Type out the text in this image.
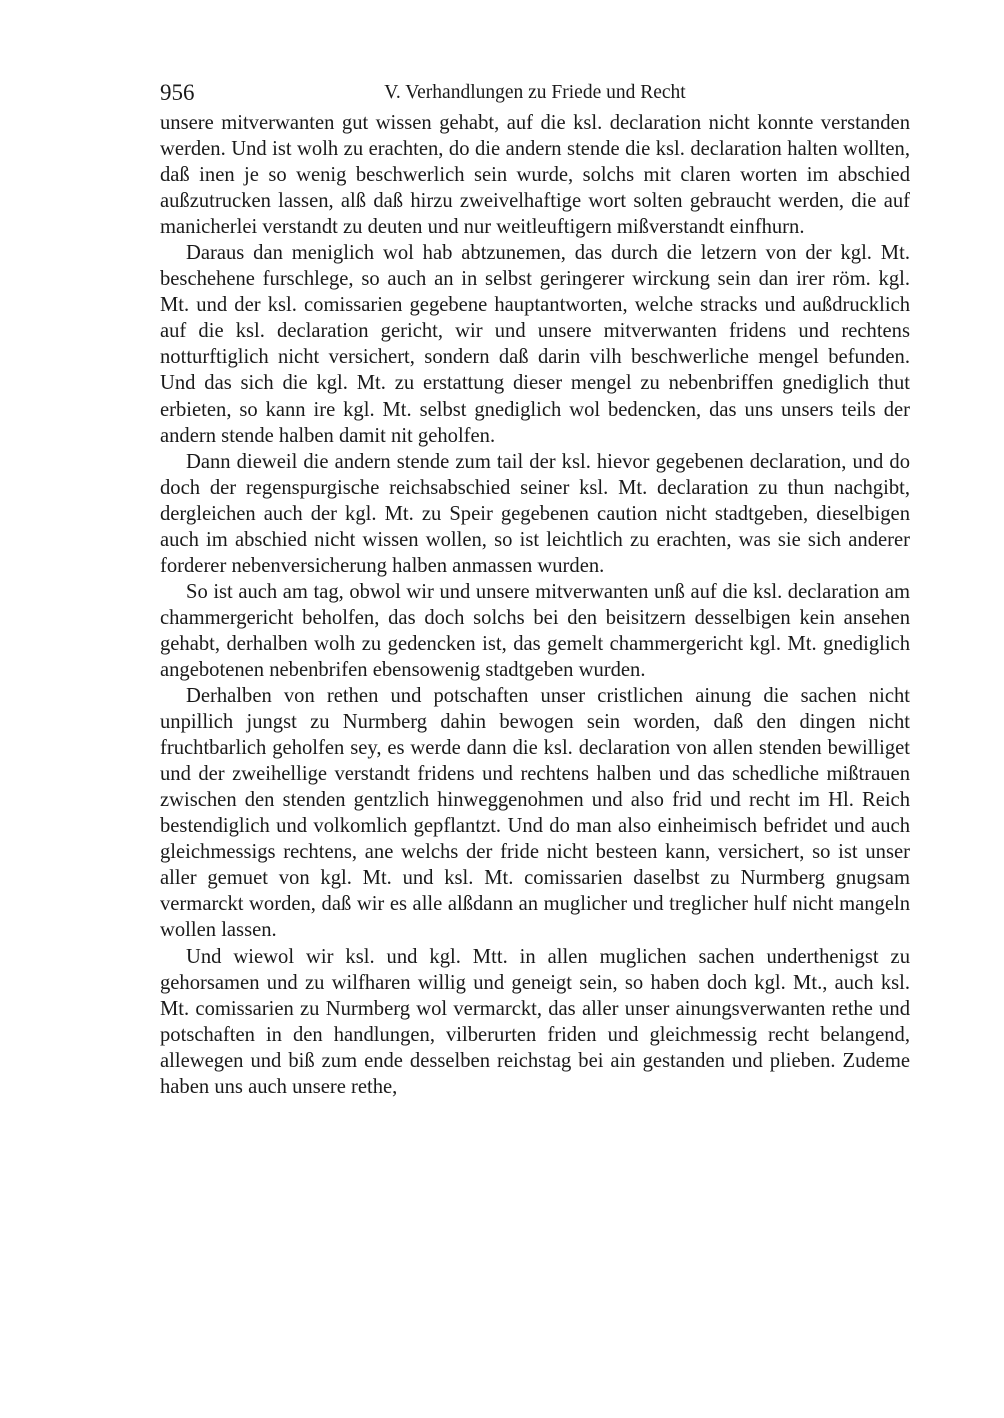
956	V. Verhandlungen zu Friede und Recht

unsere mitverwanten gut wissen gehabt, auf die ksl. declaration nicht konnte verstanden werden. Und ist wolh zu erachten, do die andern stende die ksl. declaration halten wollten, daß inen je so wenig beschwerlich sein wurde, solchs mit claren worten im abschied außzutrucken lassen, alß daß hirzu zweivelhaftige wort solten gebraucht werden, die auf manicherlei verstandt zu deuten und nur weitleuftigern mißverstandt einfhurn.

Daraus dan meniglich wol hab abtzunemen, das durch die letzern von der kgl. Mt. beschehene furschlege, so auch an in selbst geringerer wirckung sein dan irer röm. kgl. Mt. und der ksl. comissarien gegebene hauptantworten, welche stracks und außdrucklich auf die ksl. declaration gericht, wir und unsere mitverwanten fridens und rechtens notturftiglich nicht versichert, sondern daß darin vilh beschwerliche mengel befunden. Und das sich die kgl. Mt. zu erstattung dieser mengel zu nebenbriffen gnediglich thut erbieten, so kann ire kgl. Mt. selbst gnediglich wol bedencken, das uns unsers teils der andern stende halben damit nit geholfen.

Dann dieweil die andern stende zum tail der ksl. hievor gegebenen declaration, und do doch der regenspurgische reichsabschied seiner ksl. Mt. declaration zu thun nachgibt, dergleichen auch der kgl. Mt. zu Speir gegebenen caution nicht stadtgeben, dieselbigen auch im abschied nicht wissen wollen, so ist leichtlich zu erachten, was sie sich anderer forderer nebenversicherung halben anmassen wurden.

So ist auch am tag, obwol wir und unsere mitverwanten unß auf die ksl. declaration am chammergericht beholfen, das doch solchs bei den beisitzern desselbigen kein ansehen gehabt, derhalben wolh zu gedencken ist, das gemelt chammergericht kgl. Mt. gnediglich angebotenen nebenbrifen ebensowenig stadtgeben wurden.

Derhalben von rethen und potschaften unser cristlichen ainung die sachen nicht unpillich jungst zu Nurmberg dahin bewogen sein worden, daß den dingen nicht fruchtbarlich geholfen sey, es werde dann die ksl. declaration von allen stenden bewilliget und der zweihellige verstandt fridens und rechtens halben und das schedliche mißtrauen zwischen den stenden gentzlich hinweggenohmen und also frid und recht im Hl. Reich bestendiglich und volkomlich gepflantzt. Und do man also einheimisch befridet und auch gleichmessigs rechtens, ane welchs der fride nicht besteen kann, versichert, so ist unser aller gemuet von kgl. Mt. und ksl. Mt. comissarien daselbst zu Nurmberg gnugsam vermarckt worden, daß wir es alle alßdann an muglicher und treglicher hulf nicht mangeln wollen lassen.

Und wiewol wir ksl. und kgl. Mtt. in allen muglichen sachen underthenigst zu gehorsamen und zu wilfharen willig und geneigt sein, so haben doch kgl. Mt., auch ksl. Mt. comissarien zu Nurmberg wol vermarckt, das aller unser ainungsverwanten rethe und potschaften in den handlungen, vilberurten friden und gleichmessig recht belangend, allewegen und biß zum ende desselben reichstag bei ain gestanden und plieben. Zudeme haben uns auch unsere rethe,
